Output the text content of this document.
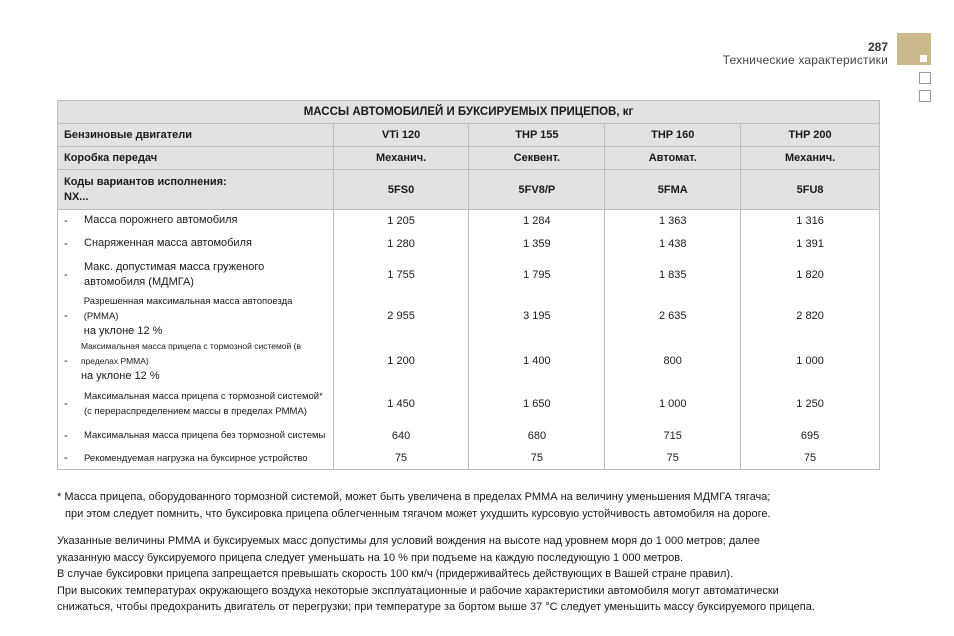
287
Технические характеристики
МАССЫ АВТОМОБИЛЕЙ И БУКСИРУЕМЫХ ПРИЦЕПОВ, кг				
Бензиновые двигатели	VTi 120	THP 155	THP 160	THP 200
Коробка передач	Механич.	Секвент.	Автомат.	Механич.

Коды вариантов исполнения:
NX...	5FS0	5FV8/P	5FMA	5FU8

- Масса порожнего автомобиля	1 205	1 284	1 363	1 316

- Снаряженная масса автомобиля	1 280	1 359	1 438	1 391

-
Макс. допустимая масса груженого
автомобиля (МДМГА)	1 755	1 795	1 835	1 820

-
Разрешенная максимальная масса автопоезда (РММА)
на уклоне 12 %	2 955	3 195	2 635	2 820

-
Максимальная масса прицепа с тормозной системой (в пределах РММА)
на уклоне 12 %	1 200	1 400	800	1 000

-
Максимальная масса прицепа с тормозной системой*
(с перераспределением массы в пределах РММА)	1 450	1 650	1 000	1 250

- Максимальная масса прицепа без тормозной системы	640	680	715	695

- Рекомендуемая нагрузка на буксирное устройство	75	75	75	75

* Масса прицепа, оборудованного тормозной системой, может быть увеличена в пределах РММА на величину уменьшения МДМГА тягача;

при этом следует помнить, что буксировка прицепа облегченным тягачом может ухудшить курсовую устойчивость автомобиля на дороге.

Указанные величины РММА и буксируемых масс допустимы для условий вождения на высоте над уровнем моря до 1 000 метров; далее

указанную массу буксируемого прицепа следует уменьшать на 10 % при подъеме на каждую последующую 1 000 метров.

В случае буксировки прицепа запрещается превышать скорость 100 км/ч (придерживайтесь действующих в Вашей стране правил).

При высоких температурах окружающего воздуха некоторые эксплуатационные и рабочие характеристики автомобиля могут автоматически

снижаться, чтобы предохранить двигатель от перегрузки; при температуре за бортом выше 37 °C следует уменьшить массу буксируемого прицепа.
